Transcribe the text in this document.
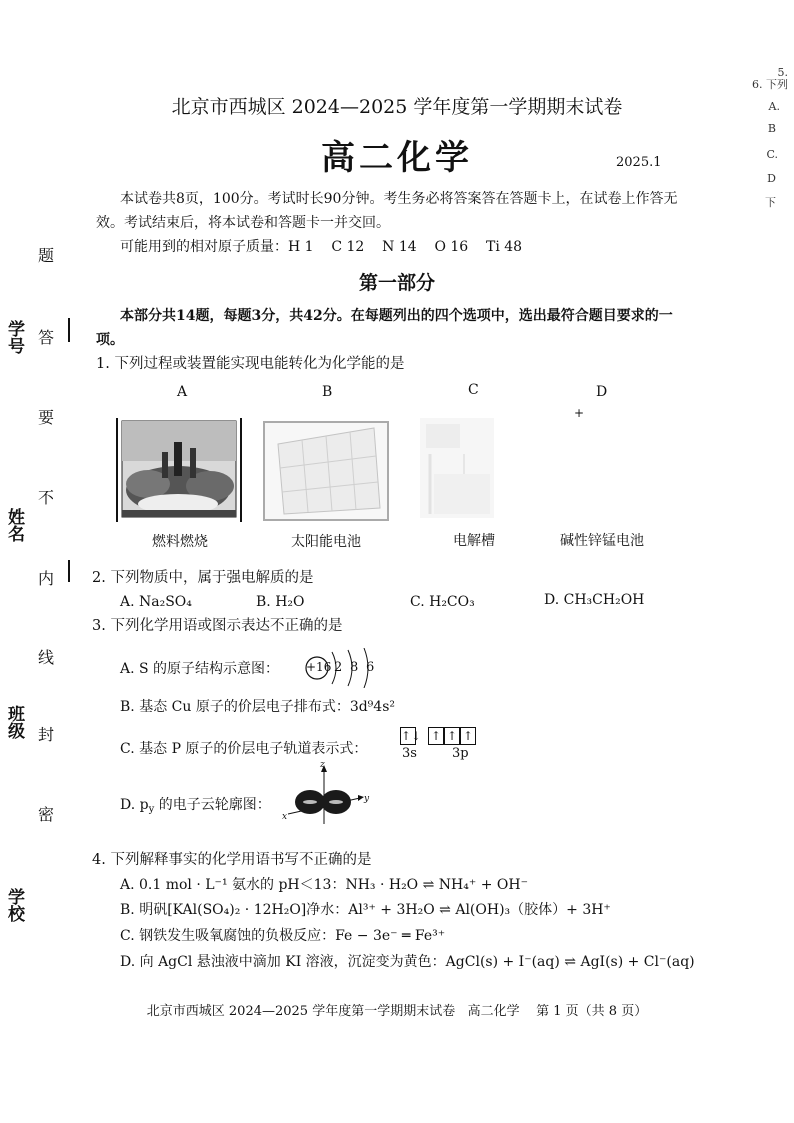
北京市西城区 2024—2025 学年度第一学期期末试卷
高二化学	2025.1
本试卷共8页，100分。考试时长90分钟。考生务必将答案答在答题卡上，在试卷上作答无效。考试结束后，将本试卷和答题卡一并交回。
可能用到的相对原子质量：H 1    C 12    N 14    O 16    Ti 48
第一部分
本部分共14题，每题3分，共42分。在每题列出的四个选项中，选出最符合题目要求的一项。
题
答
要
不
内
线
封
密
学号
姓名
班级
学校
5.
6. 下列
A.
B
C.
D
下
1. 下列过程或装置能实现电能转化为化学能的是
A	B	C	D
+
燃料燃烧	太阳能电池	电解槽	碱性锌锰电池
2. 下列物质中，属于强电解质的是
A. Na₂SO₄	B. H₂O	C. H₂CO₃	D. CH₃CH₂OH
3. 下列化学用语或图示表达不正确的是
A. S 的原子结构示意图： +16 2 8 6
B. 基态 Cu 原子的价层电子排布式：3d⁹4s²
C. 基态 P 原子的价层电子轨道表示式：
↑↓ ↑ ↑ ↑
3s	3p
D. $p_y$ 的电子云轮廓图：
z
y
x
4. 下列解释事实的化学用语书写不正确的是
A. 0.1 mol · L⁻¹ 氨水的 pH＜13：NH₃ · H₂O ⇌ NH₄⁺ + OH⁻
B. 明矾[KAl(SO₄)₂ · 12H₂O]净水：Al³⁺ + 3H₂O ⇌ Al(OH)₃（胶体）+ 3H⁺
C. 钢铁发生吸氧腐蚀的负极反应：Fe − 3e⁻ ═ Fe³⁺
D. 向 AgCl 悬浊液中滴加 KI 溶液，沉淀变为黄色：AgCl(s) + I⁻(aq) ⇌ AgI(s) + Cl⁻(aq)
北京市西城区 2024—2025 学年度第一学期期末试卷   高二化学    第 1 页（共 8 页）
